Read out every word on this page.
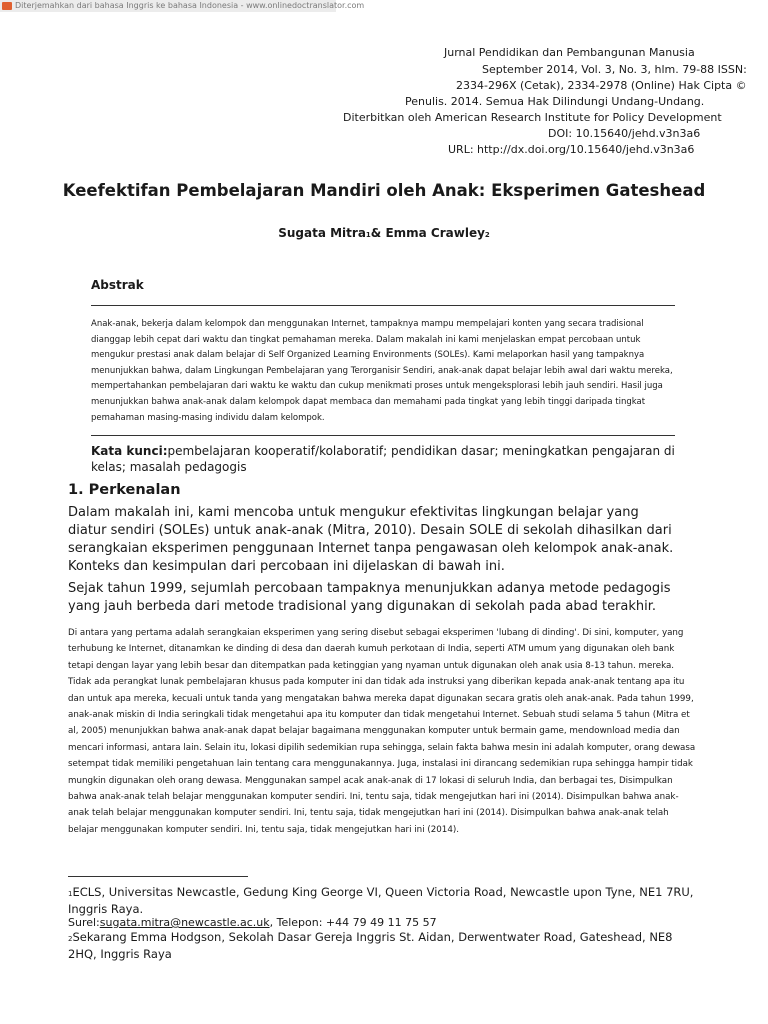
Diterjemahkan dari bahasa Inggris ke bahasa Indonesia - www.onlinedoctranslator.com
Jurnal Pendidikan dan Pembangunan Manusia
September 2014, Vol. 3, No. 3, hlm. 79-88 ISSN:
2334-296X (Cetak), 2334-2978 (Online) Hak Cipta ©
Penulis. 2014. Semua Hak Dilindungi Undang-Undang.
Diterbitkan oleh American Research Institute for Policy Development
DOI: 10.15640/jehd.v3n3a6
URL: http://dx.doi.org/10.15640/jehd.v3n3a6
Keefektifan Pembelajaran Mandiri oleh Anak: Eksperimen Gateshead
Sugata Mitra1& Emma Crawley2
Abstrak
Anak-anak, bekerja dalam kelompok dan menggunakan Internet, tampaknya mampu mempelajari konten yang secara tradisional dianggap lebih cepat dari waktu dan tingkat pemahaman mereka. Dalam makalah ini kami menjelaskan empat percobaan untuk mengukur prestasi anak dalam belajar di Self Organized Learning Environments (SOLEs). Kami melaporkan hasil yang tampaknya menunjukkan bahwa, dalam Lingkungan Pembelajaran yang Terorganisir Sendiri, anak-anak dapat belajar lebih awal dari waktu mereka, mempertahankan pembelajaran dari waktu ke waktu dan cukup menikmati proses untuk mengeksplorasi lebih jauh sendiri. Hasil juga menunjukkan bahwa anak-anak dalam kelompok dapat membaca dan memahami pada tingkat yang lebih tinggi daripada tingkat pemahaman masing-masing individu dalam kelompok.
Kata kunci:pembelajaran kooperatif/kolaboratif; pendidikan dasar; meningkatkan pengajaran di kelas; masalah pedagogis
1. Perkenalan
Dalam makalah ini, kami mencoba untuk mengukur efektivitas lingkungan belajar yang diatur sendiri (SOLEs) untuk anak-anak (Mitra, 2010). Desain SOLE di sekolah dihasilkan dari serangkaian eksperimen penggunaan Internet tanpa pengawasan oleh kelompok anak-anak. Konteks dan kesimpulan dari percobaan ini dijelaskan di bawah ini.
Sejak tahun 1999, sejumlah percobaan tampaknya menunjukkan adanya metode pedagogis yang jauh berbeda dari metode tradisional yang digunakan di sekolah pada abad terakhir.
Di antara yang pertama adalah serangkaian eksperimen yang sering disebut sebagai eksperimen 'lubang di dinding'. Di sini, komputer, yang terhubung ke Internet, ditanamkan ke dinding di desa dan daerah kumuh perkotaan di India, seperti ATM umum yang digunakan oleh bank tetapi dengan layar yang lebih besar dan ditempatkan pada ketinggian yang nyaman untuk digunakan oleh anak usia 8-13 tahun. mereka. Tidak ada perangkat lunak pembelajaran khusus pada komputer ini dan tidak ada instruksi yang diberikan kepada anak-anak tentang apa itu dan untuk apa mereka, kecuali untuk tanda yang mengatakan bahwa mereka dapat digunakan secara gratis oleh anak-anak. Pada tahun 1999, anak-anak miskin di India seringkali tidak mengetahui apa itu komputer dan tidak mengetahui Internet. Sebuah studi selama 5 tahun (Mitra et al, 2005) menunjukkan bahwa anak-anak dapat belajar bagaimana menggunakan komputer untuk bermain game, mendownload media dan mencari informasi, antara lain. Selain itu, lokasi dipilih sedemikian rupa sehingga, selain fakta bahwa mesin ini adalah komputer, orang dewasa setempat tidak memiliki pengetahuan lain tentang cara menggunakannya. Juga, instalasi ini dirancang sedemikian rupa sehingga hampir tidak mungkin digunakan oleh orang dewasa. Menggunakan sampel acak anak-anak di 17 lokasi di seluruh India, dan berbagai tes, Disimpulkan bahwa anak-anak telah belajar menggunakan komputer sendiri. Ini, tentu saja, tidak mengejutkan hari ini (2014). Disimpulkan bahwa anak-anak telah belajar menggunakan komputer sendiri. Ini, tentu saja, tidak mengejutkan hari ini (2014). Disimpulkan bahwa anak-anak telah belajar menggunakan komputer sendiri. Ini, tentu saja, tidak mengejutkan hari ini (2014).
1ECLS, Universitas Newcastle, Gedung King George VI, Queen Victoria Road, Newcastle upon Tyne, NE1 7RU, Inggris Raya.
Surel:sugata.mitra@newcastle.ac.uk, Telepon: +44 79 49 11 75 57
2Sekarang Emma Hodgson, Sekolah Dasar Gereja Inggris St. Aidan, Derwentwater Road, Gateshead, NE8 2HQ, Inggris Raya
